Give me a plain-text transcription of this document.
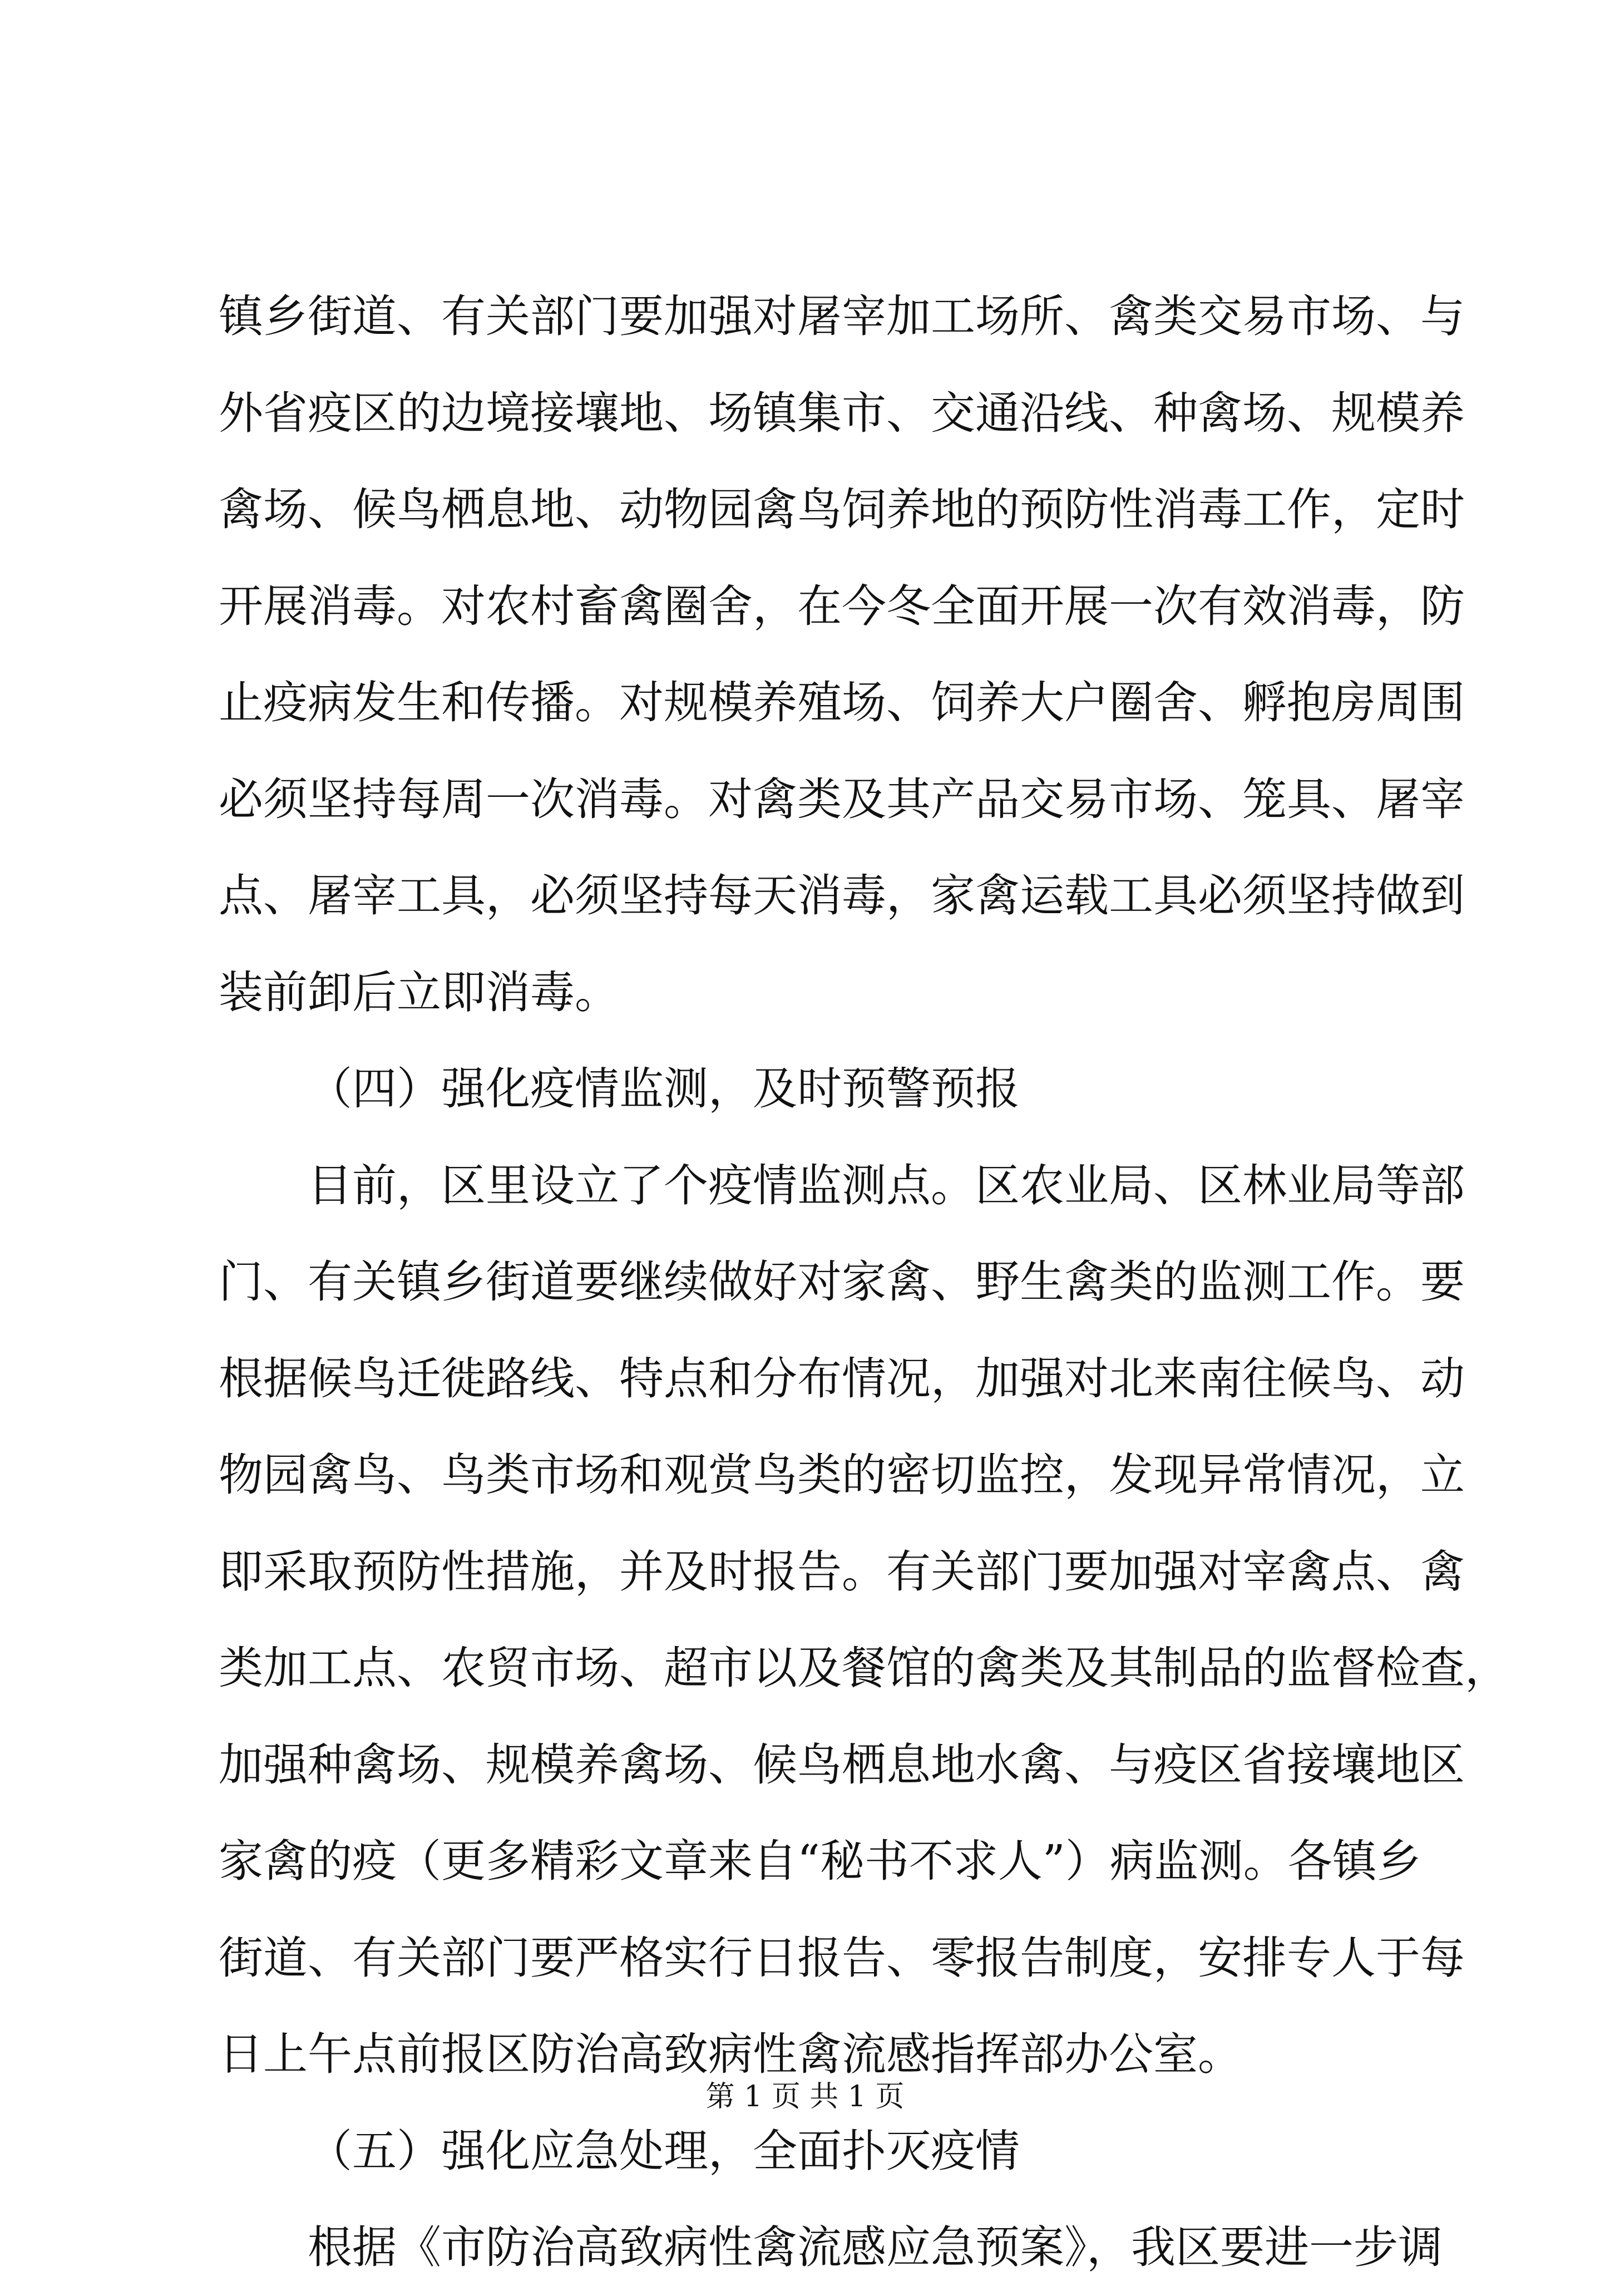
镇乡街道、有关部门要加强对屠宰加工场所、禽类交易市场、与
外省疫区的边境接壤地、场镇集市、交通沿线、种禽场、规模养
禽场、候鸟栖息地、动物园禽鸟饲养地的预防性消毒工作，定时
开展消毒。对农村畜禽圈舍，在今冬全面开展一次有效消毒，防
止疫病发生和传播。对规模养殖场、饲养大户圈舍、孵抱房周围
必须坚持每周一次消毒。对禽类及其产品交易市场、笼具、屠宰
点、屠宰工具，必须坚持每天消毒，家禽运载工具必须坚持做到
装前卸后立即消毒。
（四）强化疫情监测，及时预警预报
目前，区里设立了个疫情监测点。区农业局、区林业局等部
门、有关镇乡街道要继续做好对家禽、野生禽类的监测工作。要
根据候鸟迁徙路线、特点和分布情况，加强对北来南往候鸟、动
物园禽鸟、鸟类市场和观赏鸟类的密切监控，发现异常情况，立
即采取预防性措施，并及时报告。有关部门要加强对宰禽点、禽
类加工点、农贸市场、超市以及餐馆的禽类及其制品的监督检查，
加强种禽场、规模养禽场、候鸟栖息地水禽、与疫区省接壤地区
家禽的疫（更多精彩文章来自“秘书不求人”）病监测。各镇乡
街道、有关部门要严格实行日报告、零报告制度，安排专人于每
日上午点前报区防治高致病性禽流感指挥部办公室。
（五）强化应急处理，全面扑灭疫情
根据《市防治高致病性禽流感应急预案》，我区要进一步调
第 1 页 共 1 页
